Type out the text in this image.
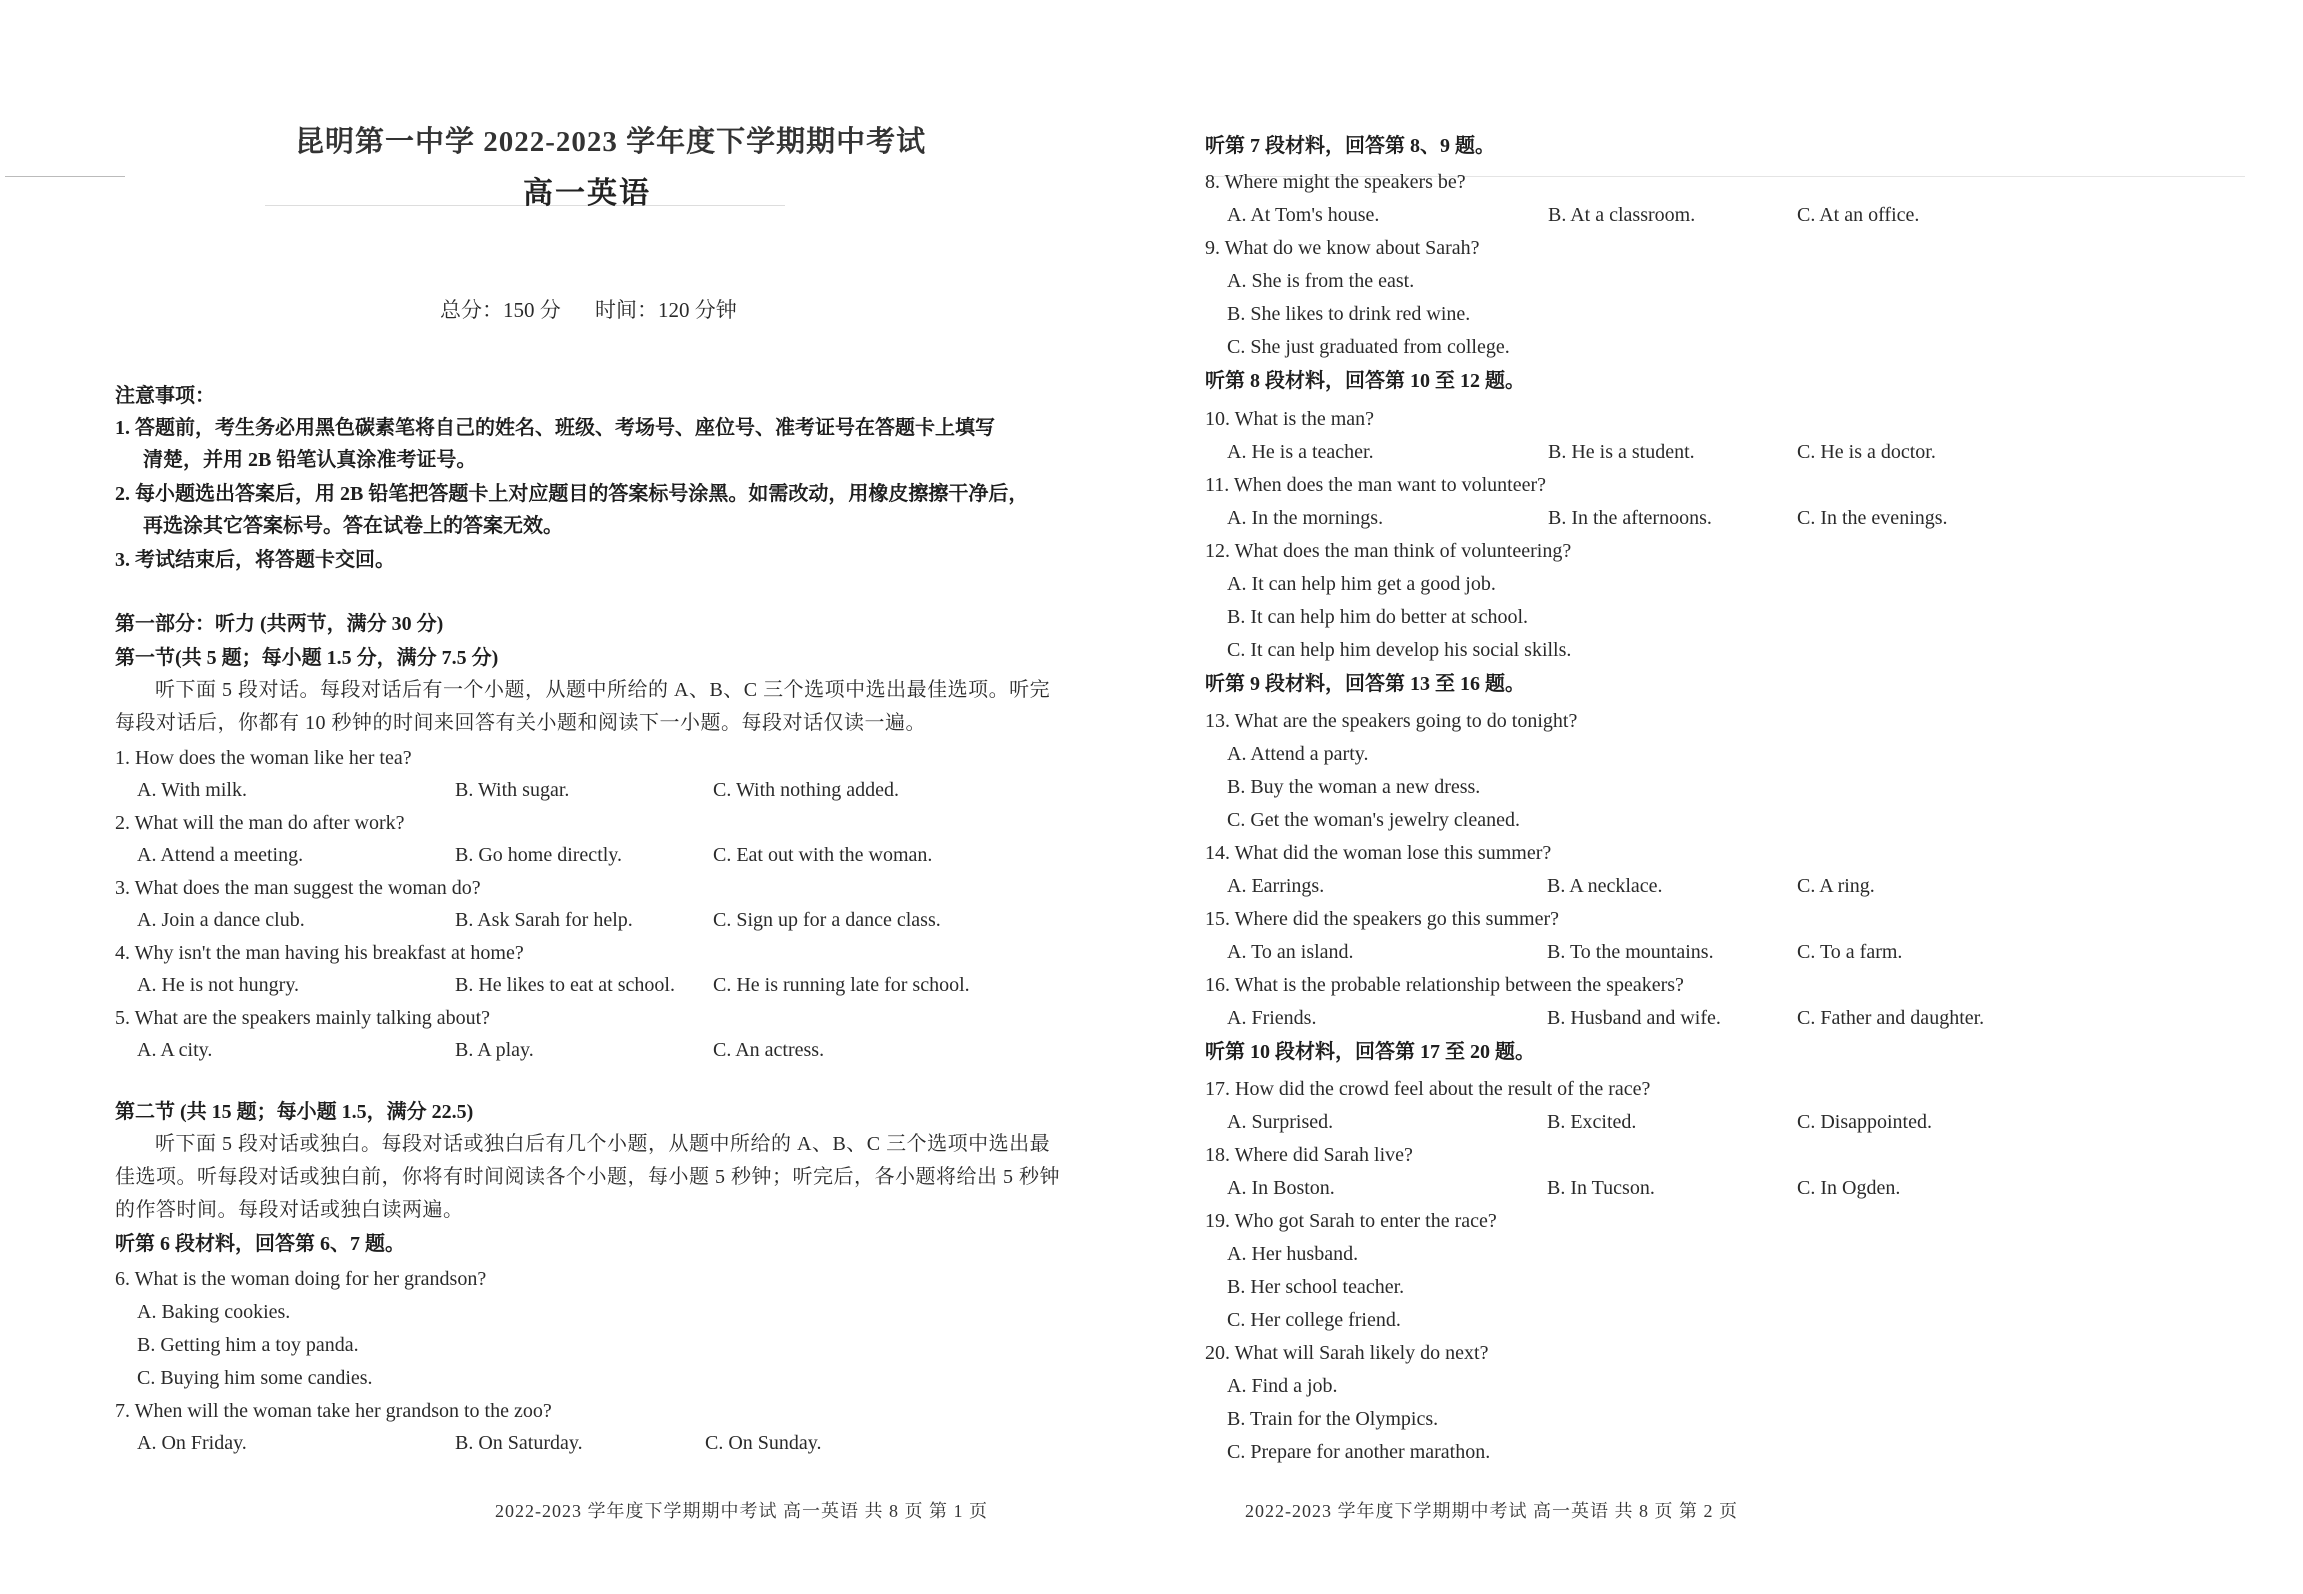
昆明第一中学 2022-2023 学年度下学期期中考试
高一英语
总分：150 分 时间：120 分钟
注意事项：
1. 答题前，考生务必用黑色碳素笔将自己的姓名、班级、考场号、座位号、准考证号在答题卡上填写
清楚，并用 2B 铅笔认真涂准考证号。
2. 每小题选出答案后，用 2B 铅笔把答题卡上对应题目的答案标号涂黑。如需改动，用橡皮擦擦干净后，
再选涂其它答案标号。答在试卷上的答案无效。
3. 考试结束后，将答题卡交回。
第一部分：听力 (共两节，满分 30 分)
第一节(共 5 题；每小题 1.5 分，满分 7.5 分)
听下面 5 段对话。每段对话后有一个小题，从题中所给的 A、B、C 三个选项中选出最佳选项。听完每段对话后，你都有 10 秒钟的时间来回答有关小题和阅读下一小题。每段对话仅读一遍。
1. How does the woman like her tea?
A. With milk.	B. With sugar.	C. With nothing added.
2. What will the man do after work?
A. Attend a meeting.	B. Go home directly.	C. Eat out with the woman.
3. What does the man suggest the woman do?
A. Join a dance club.	B. Ask Sarah for help.	C. Sign up for a dance class.
4. Why isn't the man having his breakfast at home?
A. He is not hungry.	B. He likes to eat at school. C. He is running late for school.
5. What are the speakers mainly talking about?
A. A city.	B. A play.	C. An actress.
第二节 (共 15 题；每小题 1.5，满分 22.5)
听下面 5 段对话或独白。每段对话或独白后有几个小题，从题中所给的 A、B、C 三个选项中选出最佳选项。听每段对话或独白前，你将有时间阅读各个小题，每小题 5 秒钟；听完后，各小题将给出 5 秒钟的作答时间。每段对话或独白读两遍。
听第 6 段材料，回答第 6、7 题。
6. What is the woman doing for her grandson?
A. Baking cookies.
B. Getting him a toy panda.
C. Buying him some candies.
7. When will the woman take her grandson to the zoo?
A. On Friday.	B. On Saturday.	C. On Sunday.
2022-2023 学年度下学期期中考试 高一英语 共 8 页 第 1 页
听第 7 段材料，回答第 8、9 题。
8. Where might the speakers be?
A. At Tom's house.	B. At a classroom.	C. At an office.
9. What do we know about Sarah?
A. She is from the east.
B. She likes to drink red wine.
C. She just graduated from college.
听第 8 段材料，回答第 10 至 12 题。
10. What is the man?
A. He is a teacher.	B. He is a student.	C. He is a doctor.
11. When does the man want to volunteer?
A. In the mornings.	B. In the afternoons.	C. In the evenings.
12. What does the man think of volunteering?
A. It can help him get a good job.
B. It can help him do better at school.
C. It can help him develop his social skills.
听第 9 段材料，回答第 13 至 16 题。
13. What are the speakers going to do tonight?
A. Attend a party.
B. Buy the woman a new dress.
C. Get the woman's jewelry cleaned.
14. What did the woman lose this summer?
A. Earrings.	B. A necklace.	C. A ring.
15. Where did the speakers go this summer?
A. To an island.	B. To the mountains.	C. To a farm.
16. What is the probable relationship between the speakers?
A. Friends.	B. Husband and wife.	C. Father and daughter.
听第 10 段材料，回答第 17 至 20 题。
17. How did the crowd feel about the result of the race?
A. Surprised.	B. Excited.	C. Disappointed.
18. Where did Sarah live?
A. In Boston.	B. In Tucson.	C. In Ogden.
19. Who got Sarah to enter the race?
A. Her husband.
B. Her school teacher.
C. Her college friend.
20. What will Sarah likely do next?
A. Find a job.
B. Train for the Olympics.
C. Prepare for another marathon.
2022-2023 学年度下学期期中考试 高一英语 共 8 页 第 2 页
